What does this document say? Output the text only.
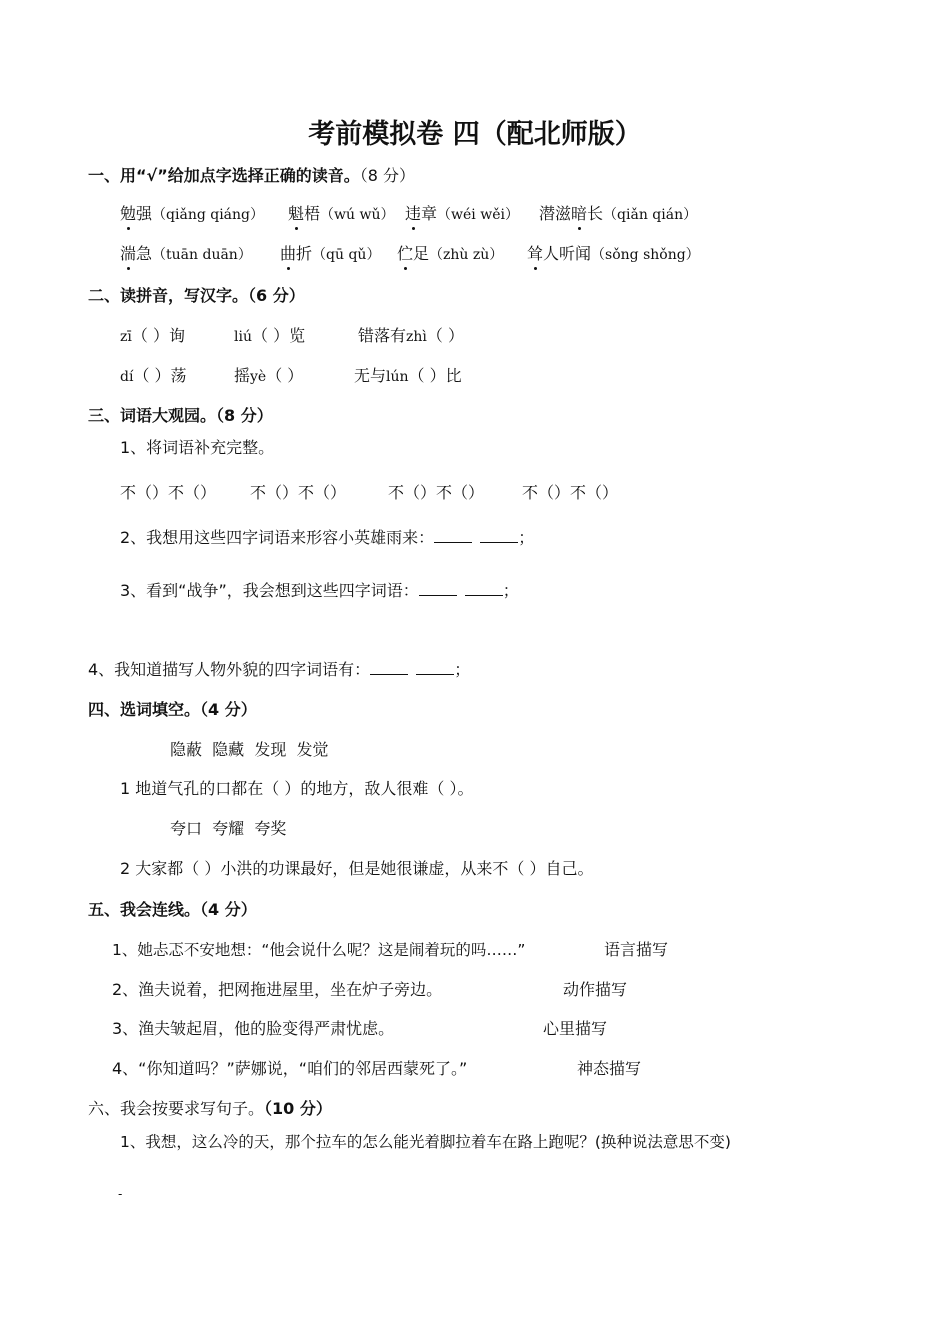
考前模拟卷 四（配北师版）
一、用“√”给加点字选择正确的读音。（8 分）
勉强（qiǎng qiáng） 魁梧（wú wǔ） 违章（wéi wěi） 潜滋暗长（qiǎn qián）
湍急（tuān duān） 曲折（qū qǔ） 伫足（zhù zù） 耸人听闻（sǒng shǒng）
二、读拼音，写汉字。（6 分）
zī（ ）询	liú（ ）览	错落有zhì（ ）
dí（ ）荡	摇yè（ ）	无与lún（ ）比
三、词语大观园。（8 分）
1、将词语补充完整。
不（）不（） 不（）不（）	不（）不（） 不（）不（）
2、我想用这些四字词语来形容小英雄雨来：	；
3、看到“战争”，我会想到这些四字词语：	；
4、我知道描写人物外貌的四字词语有：	；
四、选词填空。（4 分）
隐蔽  隐藏  发现  发觉
1 地道气孔的口都在（ ）的地方，敌人很难（ ）。
夸口  夸耀  夸奖
2 大家都（ ）小洪的功课最好，但是她很谦虚，从来不（ ）自己。
五、我会连线。（4 分）
1、她忐忑不安地想：“他会说什么呢？这是闹着玩的吗……”	语言描写
2、渔夫说着，把网拖进屋里，坐在炉子旁边。	动作描写
3、渔夫皱起眉，他的脸变得严肃忧虑。	心里描写
4、“你知道吗？”萨娜说，“咱们的邻居西蒙死了。”	神态描写
六、我会按要求写句子。（10 分）
1、我想，这么冷的天，那个拉车的怎么能光着脚拉着车在路上跑呢？(换种说法意思不变)
-
